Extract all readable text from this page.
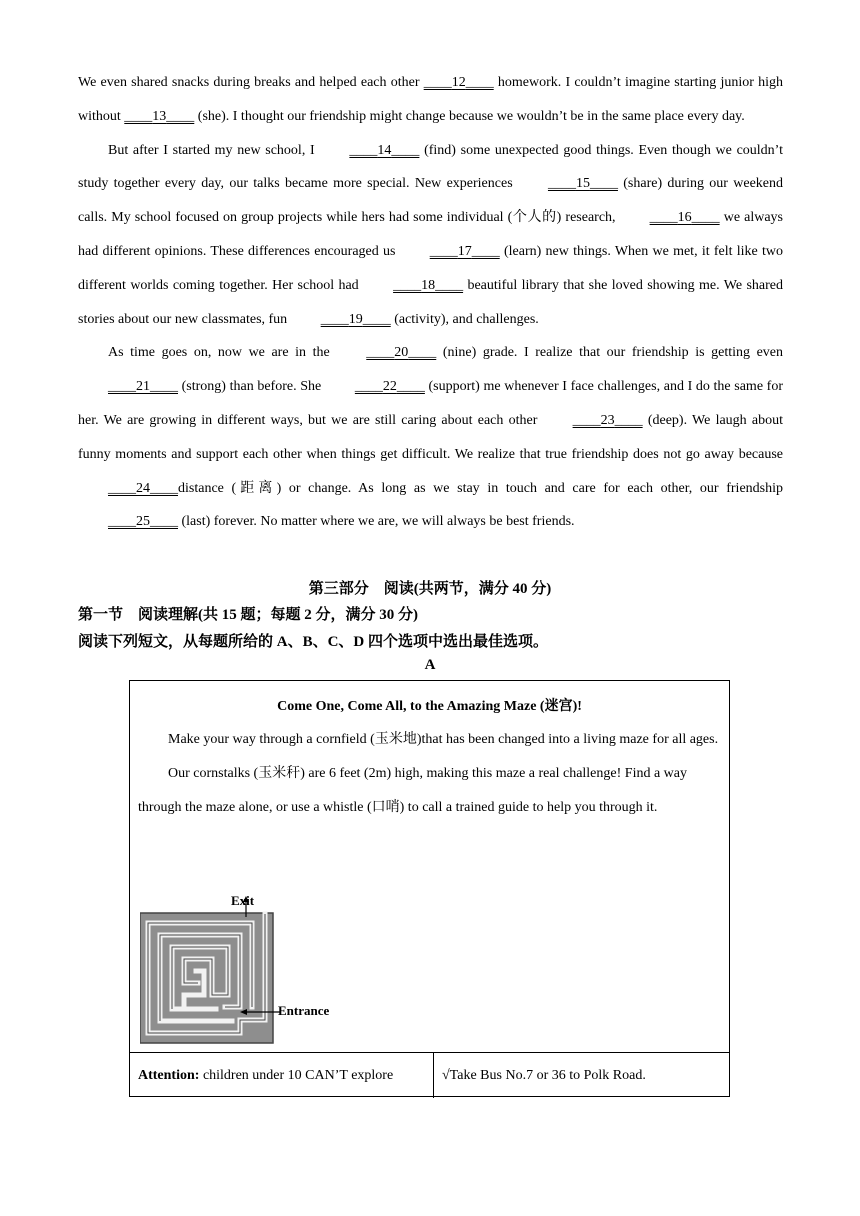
We even shared snacks during breaks and helped each other ____12____ homework. I couldn’t imagine starting junior high without ____13____ (she). I thought our friendship might change because we wouldn’t be in the same place every day.

But after I started my new school, I ____14____ (find) some unexpected good things. Even though we couldn’t study together every day, our talks became more special. New experiences ____15____ (share) during our weekend calls. My school focused on group projects while hers had some individual (个人的) research, ____16____ we always had different opinions. These differences encouraged us ____17____ (learn) new things. When we met, it felt like two different worlds coming together. Her school had ____18____ beautiful library that she loved showing me. We shared stories about our new classmates, fun ____19____ (activity), and challenges.

As time goes on, now we are in the ____20____ (nine) grade. I realize that our friendship is getting even ____21____ (strong) than before. She ____22____ (support) me whenever I face challenges, and I do the same for her. We are growing in different ways, but we are still caring about each other ____23____ (deep). We laugh about funny moments and support each other when things get difficult. We realize that true friendship does not go away because ____24____distance (距离) or change. As long as we stay in touch and care for each other, our friendship ____25____ (last) forever. No matter where we are, we will always be best friends.

第三部分　阅读(共两节，满分 40 分)
第一节　阅读理解(共 15 题；每题 2 分，满分 30 分)
阅读下列短文，从每题所给的 A、B、C、D 四个选项中选出最佳选项。
A
Come One, Come All, to the Amazing Maze (迷宫)!

Make your way through a cornfield (玉米地)that has been changed into a living maze for all ages.

Our cornstalks (玉米秆) are 6 feet (2m) high, making this maze a real challenge! Find a way through the maze alone, or use a whistle (口哨) to call a trained guide to help you through it.

Exit
Entrance
Attention: children under 10 CAN’T explore	√Take Bus No.7 or 36 to Polk Road.
